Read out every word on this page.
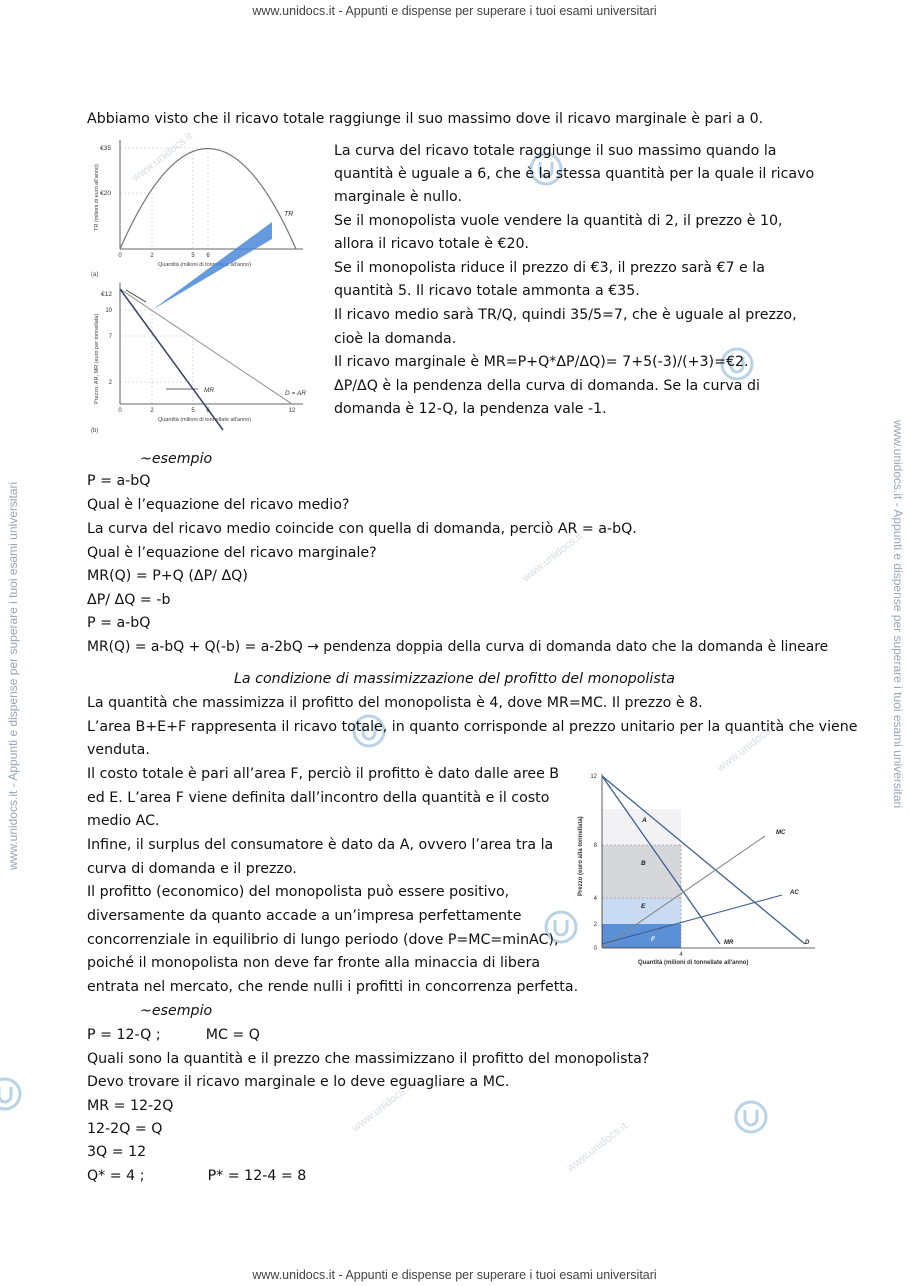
www.unidocs.it - Appunti e dispense per superare i tuoi esami universitari
www.unidocs.it - Appunti e dispense per superare i tuoi esami universitari
www.unidocs.it - Appunti e dispense per superare i tuoi esami universitari	www.unidocs.it - Appunti e dispense per superare i tuoi esami universitari
www.unidocs.it
www.unidocs.it
www.unidocs.it
www.unidocs.it
www.unidocs.it
Abbiamo visto che il ricavo totale raggiunge il suo massimo dove il ricavo marginale è pari a 0.
€35
€20
0	2	5 6
TR
Quantità (milioni di tonnellate all'anno)
TR (milioni di euro all'anno)
(a)
€12
10
7
2
0	2	5 6	12
MR	D = AR
Quantità (milioni di tonnellate all'anno)
Prezzo, AR, MR (euro per tonnellata)
(b)
La curva del ricavo totale raggiunge il suo massimo quando la
quantità è uguale a 6, che è la stessa quantità per la quale il ricavo
marginale è nullo.
Se il monopolista vuole vendere la quantità di 2, il prezzo è 10,
allora il ricavo totale è €20.
Se il monopolista riduce il prezzo di €3, il prezzo sarà €7 e la
quantità 5. Il ricavo totale ammonta a €35.
Il ricavo medio sarà TR/Q, quindi 35/5=7, che è uguale al prezzo,
cioè la domanda.
Il ricavo marginale è MR=P+Q*ΔP/ΔQ)= 7+5(-3)/(+3)=€2.
ΔP/ΔQ è la pendenza della curva di domanda. Se la curva di
domanda è 12-Q, la pendenza vale -1.
~esempio
P = a-bQ
Qual è l’equazione del ricavo medio?
La curva del ricavo medio coincide con quella di domanda, perciò AR = a-bQ.
Qual è l’equazione del ricavo marginale?
MR(Q) = P+Q (ΔP/ ΔQ)
ΔP/ ΔQ = -b
P = a-bQ
MR(Q) = a-bQ + Q(-b) = a-2bQ → pendenza doppia della curva di domanda dato che la domanda è lineare
La condizione di massimizzazione del profitto del monopolista
La quantità che massimizza il profitto del monopolista è 4, dove MR=MC. Il prezzo è 8.
L’area B+E+F rappresenta il ricavo totale, in quanto corrisponde al prezzo unitario per la quantità che viene
venduta.
Il costo totale è pari all’area F, perciò il profitto è dato dalle aree B
ed E. L’area F viene definita dall’incontro della quantità e il costo
medio AC.
Infine, il surplus del consumatore è dato da A, ovvero l’area tra la
curva di domanda e il prezzo.
Il profitto (economico) del monopolista può essere positivo,
diversamente da quanto accade a un’impresa perfettamente
concorrenziale in equilibrio di lungo periodo (dove P=MC=minAC),
poiché il monopolista non deve far fronte alla minaccia di libera
entrata nel mercato, che rende nulli i profitti in concorrenza perfetta.
A
B
E
F
MC
AC
MR	D
12
8
4
2
0
4
Quantità (milioni di tonnellate all'anno)
Prezzo (euro alla tonnellata)
~esempio
P = 12-Q ;          MC = Q
Quali sono la quantità e il prezzo che massimizzano il profitto del monopolista?
Devo trovare il ricavo marginale e lo deve eguagliare a MC.
MR = 12-2Q
12-2Q = Q
3Q = 12
Q* = 4 ;              P* = 12-4 = 8
